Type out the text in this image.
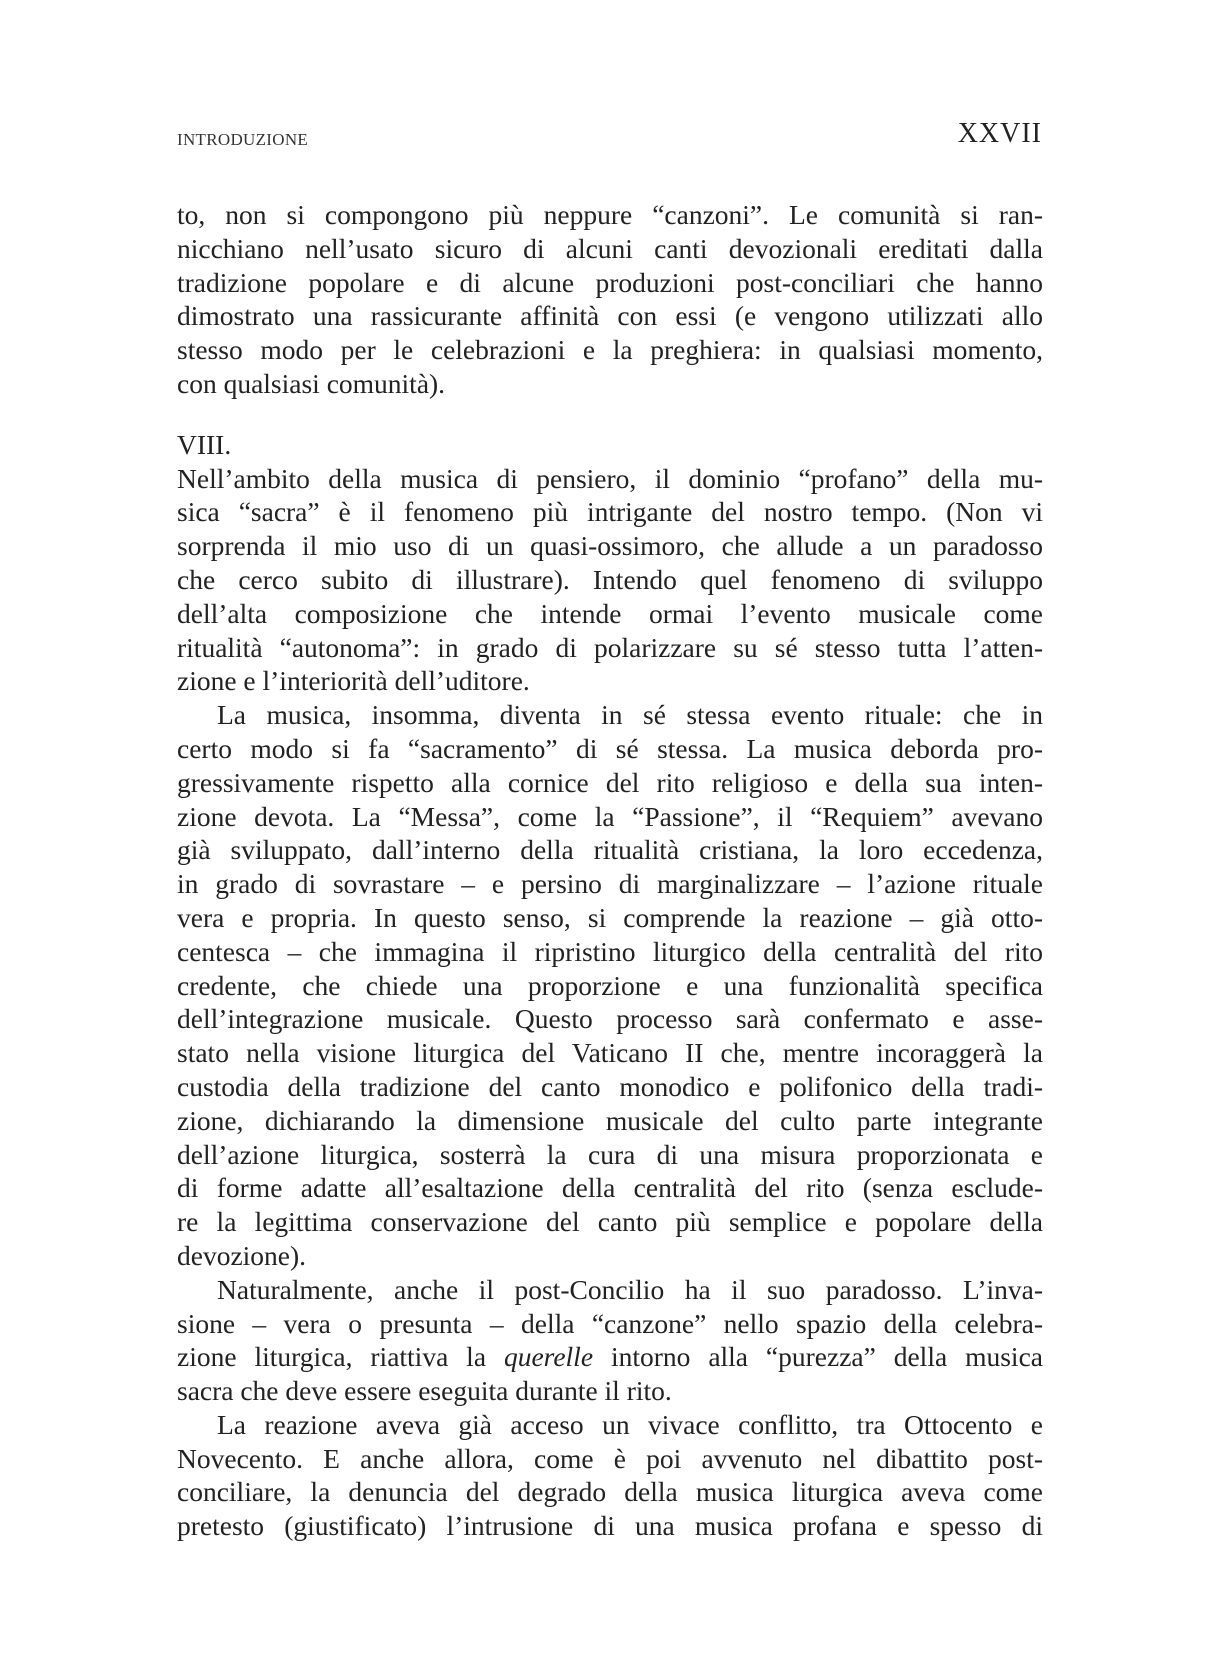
INTRODUZIONE	XXVII
to, non si compongono più neppure “canzoni”. Le comunità si ran-
nicchiano nell’usato sicuro di alcuni canti devozionali ereditati dalla
tradizione popolare e di alcune produzioni post-conciliari che hanno
dimostrato una rassicurante affinità con essi (e vengono utilizzati allo
stesso modo per le celebrazioni e la preghiera: in qualsiasi momento,
con qualsiasi comunità).
VIII.
Nell’ambito della musica di pensiero, il dominio “profano” della mu-
sica “sacra” è il fenomeno più intrigante del nostro tempo. (Non vi
sorprenda il mio uso di un quasi-ossimoro, che allude a un paradosso
che cerco subito di illustrare). Intendo quel fenomeno di sviluppo
dell’alta composizione che intende ormai l’evento musicale come
ritualità “autonoma”: in grado di polarizzare su sé stesso tutta l’atten-
zione e l’interiorità dell’uditore.
La musica, insomma, diventa in sé stessa evento rituale: che in
certo modo si fa “sacramento” di sé stessa. La musica deborda pro-
gressivamente rispetto alla cornice del rito religioso e della sua inten-
zione devota. La “Messa”, come la “Passione”, il “Requiem” avevano
già sviluppato, dall’interno della ritualità cristiana, la loro eccedenza,
in grado di sovrastare – e persino di marginalizzare – l’azione rituale
vera e propria. In questo senso, si comprende la reazione – già otto-
centesca – che immagina il ripristino liturgico della centralità del rito
credente, che chiede una proporzione e una funzionalità specifica
dell’integrazione musicale. Questo processo sarà confermato e asse-
stato nella visione liturgica del Vaticano II che, mentre incoraggerà la
custodia della tradizione del canto monodico e polifonico della tradi-
zione, dichiarando la dimensione musicale del culto parte integrante
dell’azione liturgica, sosterrà la cura di una misura proporzionata e
di forme adatte all’esaltazione della centralità del rito (senza esclude-
re la legittima conservazione del canto più semplice e popolare della
devozione).
Naturalmente, anche il post-Concilio ha il suo paradosso. L’inva-
sione – vera o presunta – della “canzone” nello spazio della celebra-
zione liturgica, riattiva la querelle intorno alla “purezza” della musica
sacra che deve essere eseguita durante il rito.
La reazione aveva già acceso un vivace conflitto, tra Ottocento e
Novecento. E anche allora, come è poi avvenuto nel dibattito post-
conciliare, la denuncia del degrado della musica liturgica aveva come
pretesto (giustificato) l’intrusione di una musica profana e spesso di
